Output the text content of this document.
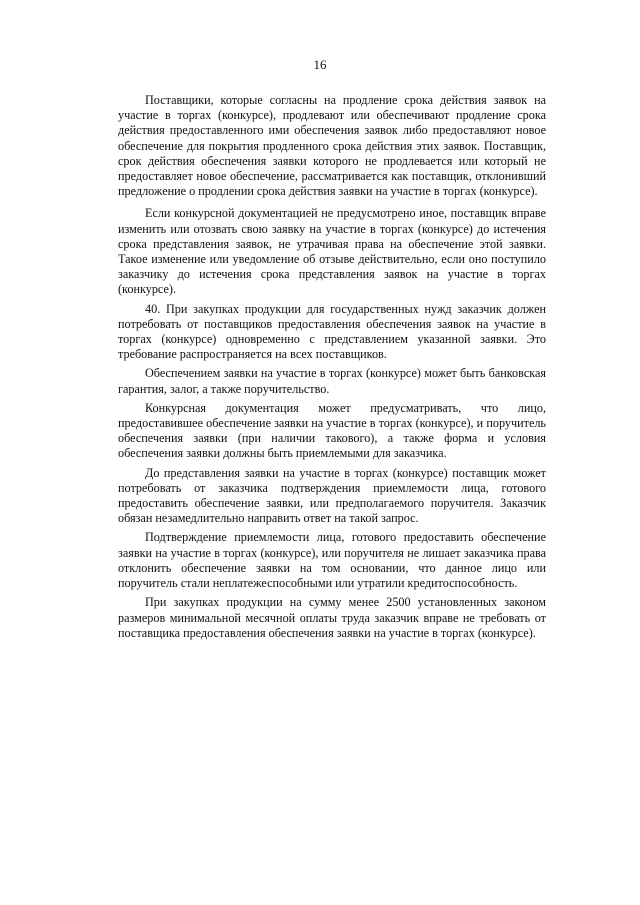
16

Поставщики, которые согласны на продление срока действия заявок на участие в торгах (конкурсе), продлевают или обеспечивают продление срока действия предоставленного ими обеспечения заявок либо предоставляют новое обеспечение для покрытия продленного срока действия этих заявок. Поставщик, срок действия обеспечения заявки которого не продлевается или который не предоставляет новое обеспечение, рассматривается как поставщик, отклонивший предложение о продлении срока действия заявки на участие в торгах (конкурсе).

Если конкурсной документацией не предусмотрено иное, поставщик вправе изменить или отозвать свою заявку на участие в торгах (конкурсе) до истечения срока представления заявок, не утрачивая права на обеспечение этой заявки. Такое изменение или уведомление об отзыве действительно, если оно поступило заказчику до истечения срока представления заявок на участие в торгах (конкурсе).

40. При закупках продукции для государственных нужд заказчик должен потребовать от поставщиков предоставления обеспечения заявок на участие в торгах (конкурсе) одновременно с представлением указанной заявки. Это требование распространяется на всех поставщиков.

Обеспечением заявки на участие в торгах (конкурсе) может быть банковская гарантия, залог, а также поручительство.

Конкурсная документация может предусматривать, что лицо, предоставившее обеспечение заявки на участие в торгах (конкурсе), и поручитель обеспечения заявки (при наличии такового), а также форма и условия обеспечения заявки должны быть приемлемыми для заказчика.

До представления заявки на участие в торгах (конкурсе) поставщик может потребовать от заказчика подтверждения приемлемости лица, готового предоставить обеспечение заявки, или предполагаемого поручителя. Заказчик обязан незамедлительно направить ответ на такой запрос.

Подтверждение приемлемости лица, готового предоставить обеспечение заявки на участие в торгах (конкурсе), или поручителя не лишает заказчика права отклонить обеспечение заявки на том основании, что данное лицо или поручитель стали неплатежеспособными или утратили кредитоспособность.

При закупках продукции на сумму менее 2500 установленных законом размеров минимальной месячной оплаты труда заказчик вправе не требовать от поставщика предоставления обеспечения заявки на участие в торгах (конкурсе).
